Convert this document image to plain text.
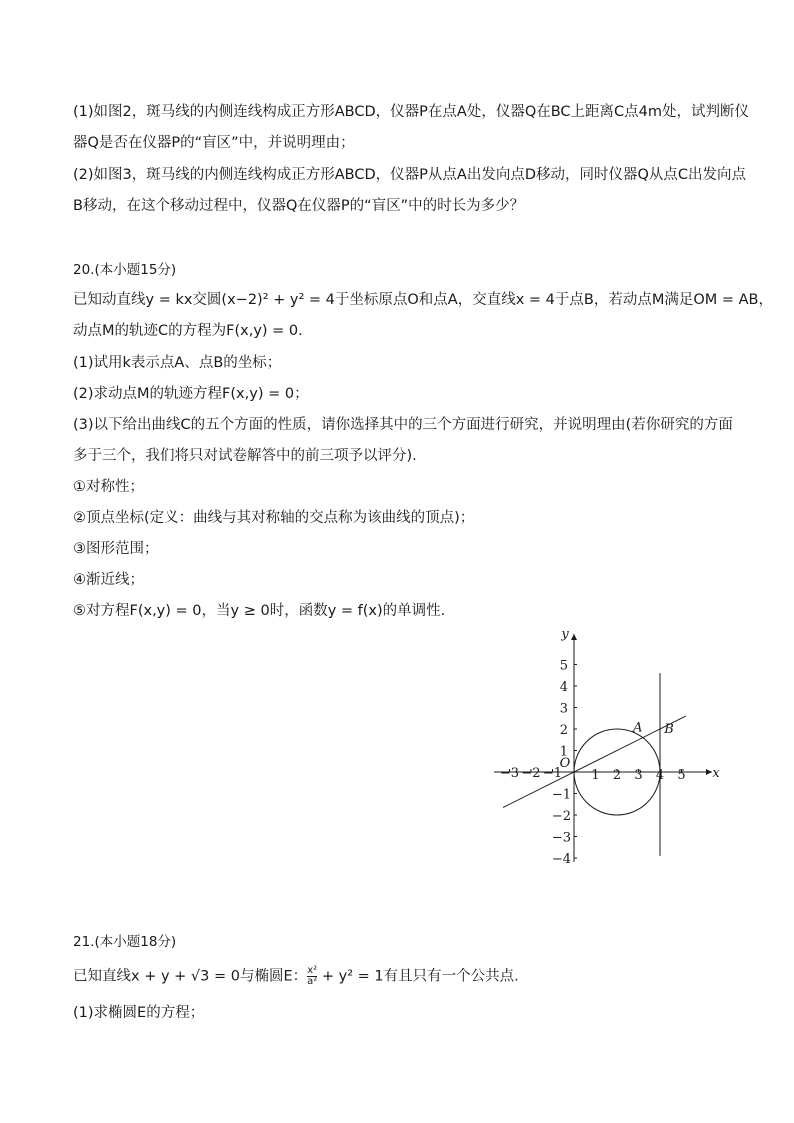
(1)如图2，斑马线的内侧连线构成正方形ABCD，仪器P在点A处，仪器Q在BC上距离C点4m处，试判断仪
器Q是否在仪器P的“盲区”中，并说明理由；
(2)如图3，斑马线的内侧连线构成正方形ABCD，仪器P从点A出发向点D移动，同时仪器Q从点C出发向点
B移动，在这个移动过程中，仪器Q在仪器P的“盲区”中的时长为多少？
20.(本小题15分)
已知动直线y = kx交圆(x−2)² + y² = 4于坐标原点O和点A，交直线x = 4于点B，若动点M满足OM = AB，
动点M的轨迹C的方程为F(x,y) = 0.
(1)试用k表示点A、点B的坐标；
(2)求动点M的轨迹方程F(x,y) = 0；
(3)以下给出曲线C的五个方面的性质，请你选择其中的三个方面进行研究，并说明理由(若你研究的方面
多于三个，我们将只对试卷解答中的前三项予以评分).
①对称性；
②顶点坐标(定义：曲线与其对称轴的交点称为该曲线的顶点)；
③图形范围；
④渐近线；
⑤对方程F(x,y) = 0，当y ≥ 0时，函数y = f(x)的单调性.
x
y
1 2 3 4 5
−3 −2 −1
1
2
3
4
5
−1
−2
−3
−4
A B
O
21.(本小题18分)
已知直线x + y + √3 = 0与椭圆E： $\frac{\text{x²}}{\text{a²}} + y^2 = 1$有且只有一个公共点.
(1)求椭圆E的方程；
